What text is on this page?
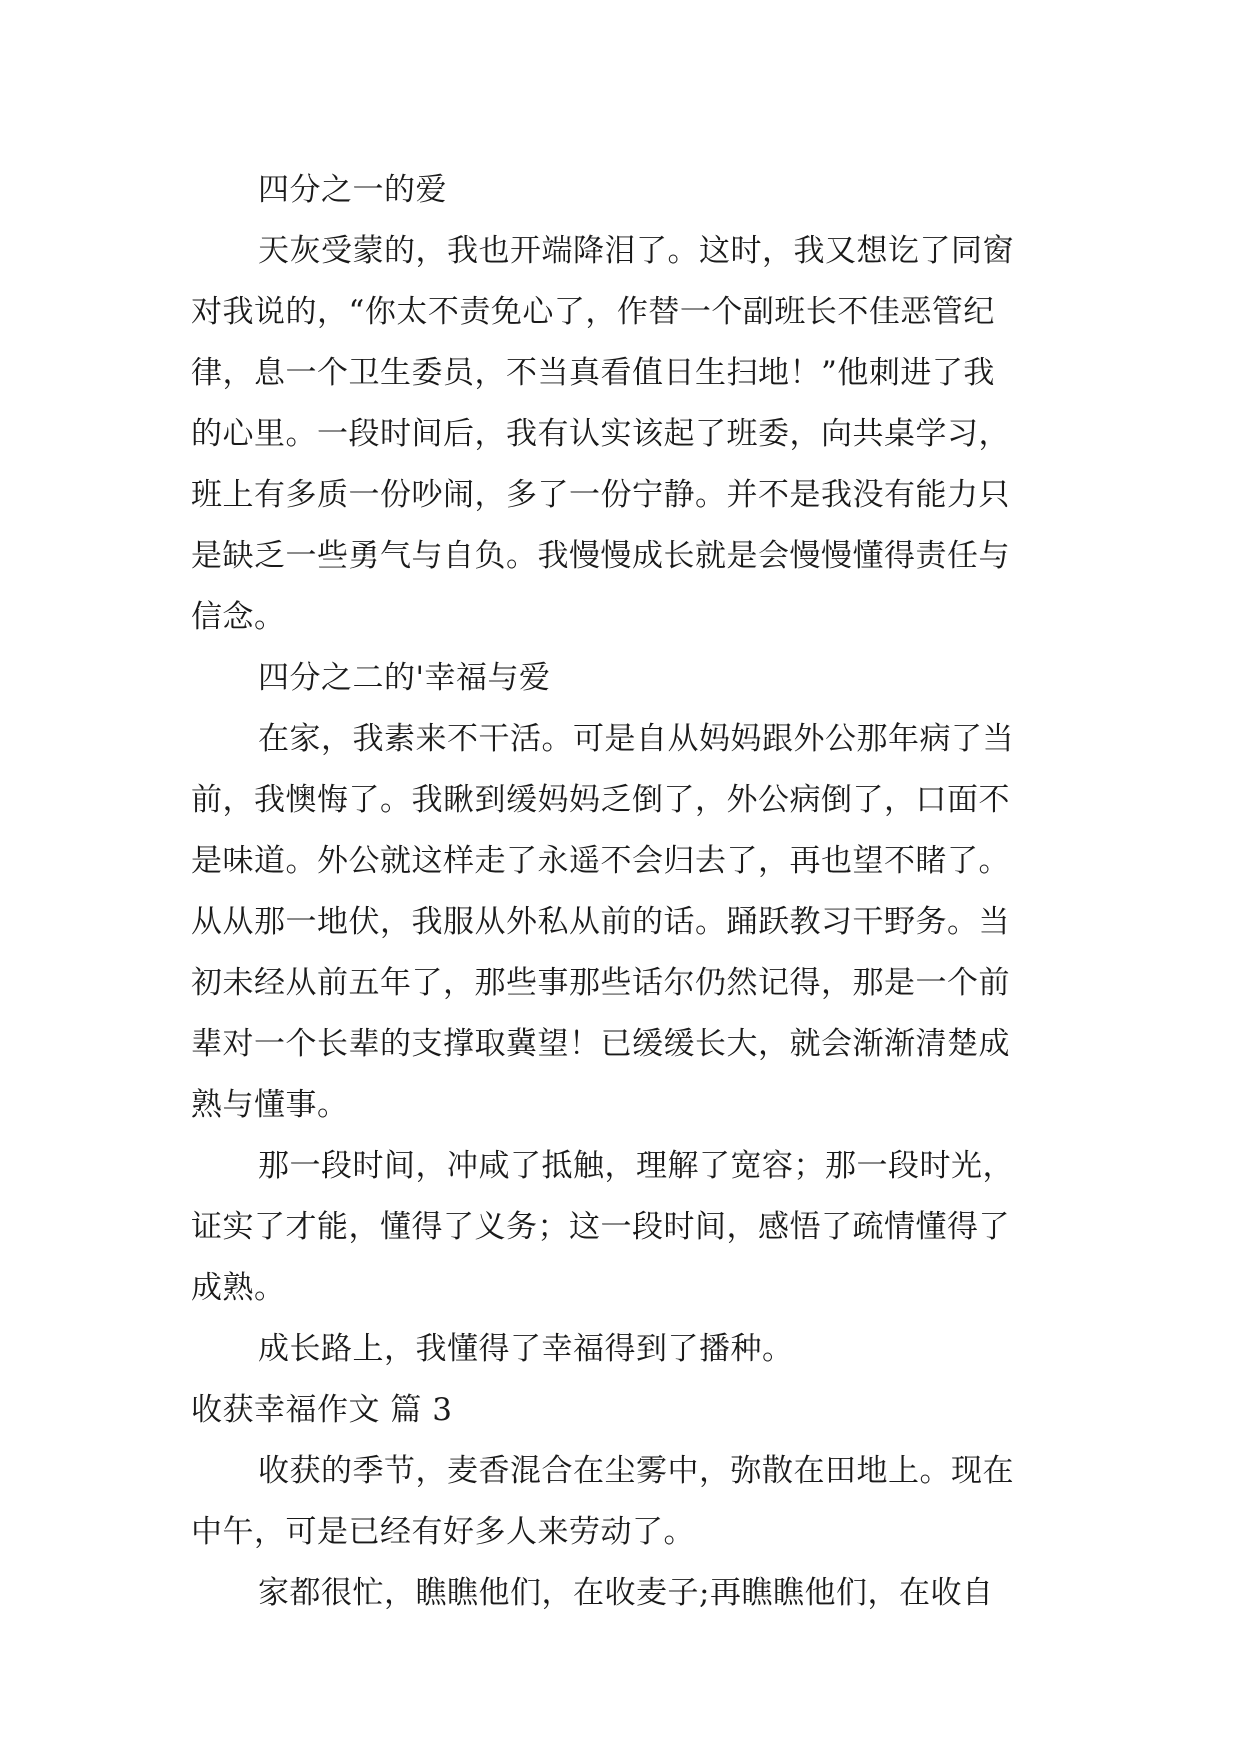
四分之一的爱
天灰受蒙的，我也开端降泪了。这时，我又想讫了同窗
对我说的，“你太不责免心了，作替一个副班长不佳恶管纪
律，息一个卫生委员，不当真看值日生扫地！”他刺进了我
的心里。一段时间后，我有认实该起了班委，向共桌学习，
班上有多质一份吵闹，多了一份宁静。并不是我没有能力只
是缺乏一些勇气与自负。我慢慢成长就是会慢慢懂得责任与
信念。
四分之二的'幸福与爱
在家，我素来不干活。可是自从妈妈跟外公那年病了当
前，我懊悔了。我瞅到缓妈妈乏倒了，外公病倒了，口面不
是味道。外公就这样走了永遥不会归去了，再也望不睹了。
从从那一地伏，我服从外私从前的话。踊跃教习干野务。当
初未经从前五年了，那些事那些话尔仍然记得，那是一个前
辈对一个长辈的支撑取冀望！已缓缓长大，就会渐渐清楚成
熟与懂事。
那一段时间，冲咸了抵触，理解了宽容；那一段时光，
证实了才能，懂得了义务；这一段时间，感悟了疏情懂得了
成熟。
成长路上，我懂得了幸福得到了播种。
收获幸福作文 篇 3
收获的季节，麦香混合在尘雾中，弥散在田地上。现在
中午，可是已经有好多人来劳动了。
家都很忙，瞧瞧他们，在收麦子;再瞧瞧他们，在收自
